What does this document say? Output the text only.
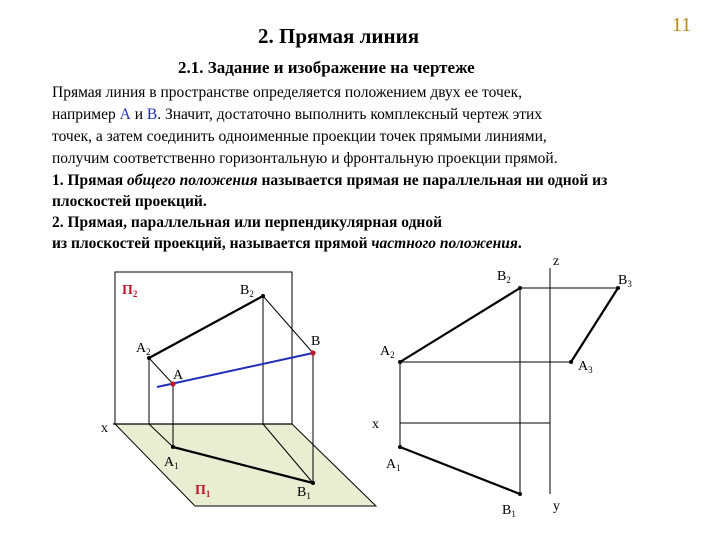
11
2. Прямая линия
2.1. Задание и изображение на чертеже
Прямая линия в пространстве определяется положением двух ее точек,
например А и В. Значит, достаточно выполнить комплексный чертеж этих
точек, а затем соединить одноименные проекции точек прямыми линиями,
получим соответственно горизонтальную и фронтальную проекции прямой.
1. Прямая общего положения называется прямая не параллельная ни одной из
плоскостей проекций.
2. Прямая, параллельная или перпендикулярная одной
из плоскостей проекций, называется прямой частного положения.
$П_2$	$В_2$
$А_2$
В
А
x
$А_1$
$П_1$	$В_1$
z
$В_2$	$В_3$
$А_2$
$А_3$
x
$А_1$
$В_1$	y
